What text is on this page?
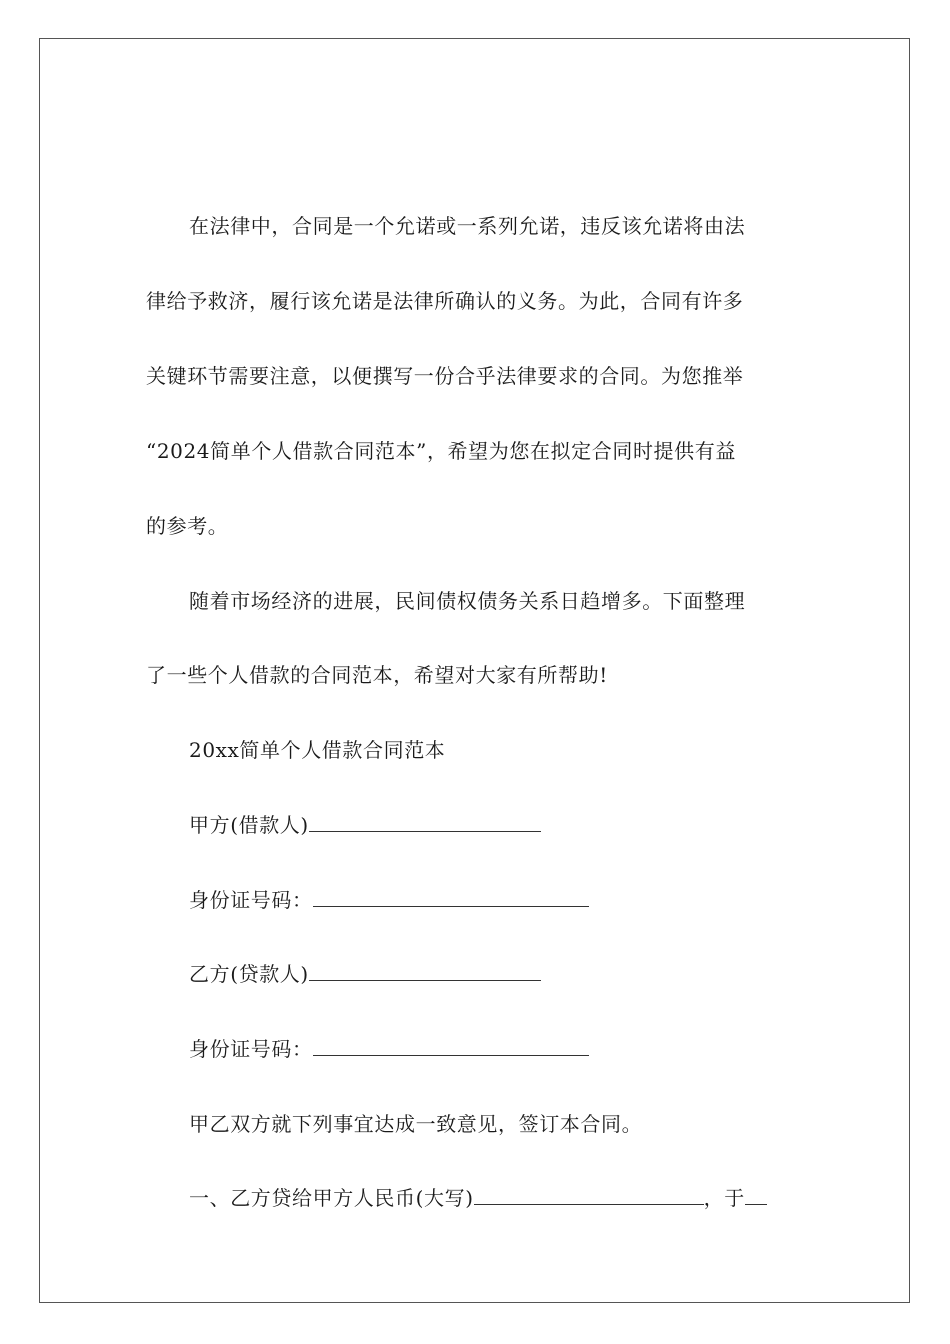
在法律中，合同是一个允诺或一系列允诺，违反该允诺将由法
律给予救济，履行该允诺是法律所确认的义务。为此，合同有许多
关键环节需要注意，以便撰写一份合乎法律要求的合同。为您推举
“2024简单个人借款合同范本”，希望为您在拟定合同时提供有益
的参考。
随着市场经济的进展，民间债权债务关系日趋增多。下面整理
了一些个人借款的合同范本，希望对大家有所帮助!
20xx简单个人借款合同范本
甲方(借款人)
身份证号码：
乙方(贷款人)
身份证号码：
甲乙双方就下列事宜达成一致意见，签订本合同。
一、乙方贷给甲方人民币(大写)	，于
